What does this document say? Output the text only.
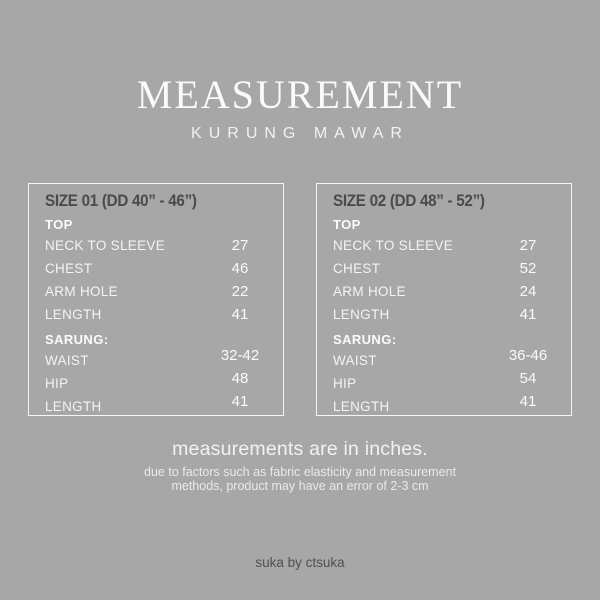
MEASUREMENT
KURUNG MAWAR
SIZE 01 (DD 40” - 46”)
TOP
NECK TO SLEEVE	27
CHEST	46
ARM HOLE	22
LENGTH	41
SARUNG:
WAIST	32-42
HIP	48
LENGTH	41
SIZE 02 (DD 48” - 52”)
TOP
NECK TO SLEEVE	27
CHEST	52
ARM HOLE	24
LENGTH	41
SARUNG:
WAIST	36-46
HIP	54
LENGTH	41
measurements are in inches.
due to factors such as fabric elasticity and measurement
methods, product may have an error of 2-3 cm
suka by ctsuka
